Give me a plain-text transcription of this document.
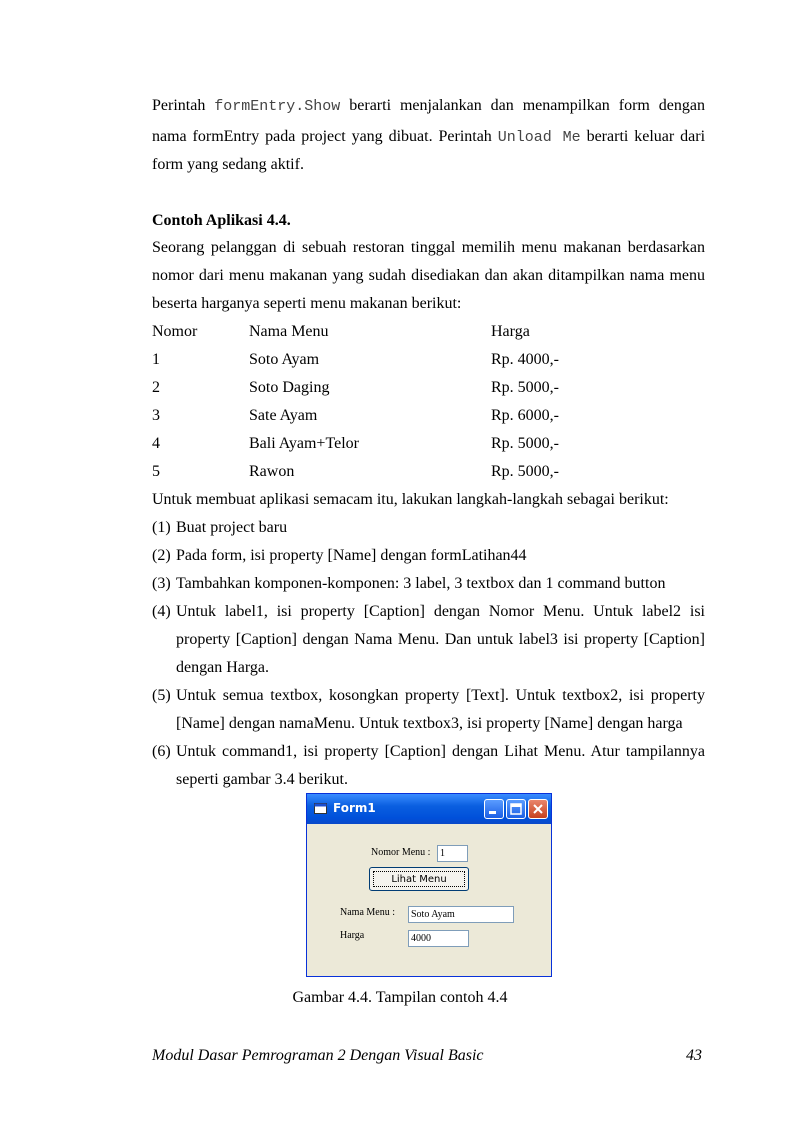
Perintah formEntry.Show berarti menjalankan dan menampilkan form dengan
nama formEntry pada project yang dibuat. Perintah Unload Me berarti keluar dari
form yang sedang aktif.
Contoh Aplikasi 4.4.
Seorang pelanggan di sebuah restoran tinggal memilih menu makanan berdasarkan
nomor dari menu makanan yang sudah disediakan dan akan ditampilkan nama menu
beserta harganya seperti menu makanan berikut:
Nomor	Nama Menu	Harga
1	Soto Ayam	Rp. 4000,-
2	Soto Daging	Rp. 5000,-
3	Sate Ayam	Rp. 6000,-
4	Bali Ayam+Telor	Rp. 5000,-
5	Rawon	Rp. 5000,-
Untuk membuat aplikasi semacam itu, lakukan langkah-langkah sebagai berikut:
(1) Buat project baru
(2) Pada form, isi property [Name] dengan formLatihan44
(3) Tambahkan komponen-komponen: 3 label, 3 textbox dan 1 command button
(4) Untuk label1, isi property [Caption] dengan Nomor Menu. Untuk label2 isi
property [Caption] dengan Nama Menu. Dan untuk label3 isi property [Caption]
dengan Harga.
(5) Untuk semua textbox, kosongkan property [Text]. Untuk textbox2, isi property
[Name] dengan namaMenu. Untuk textbox3, isi property [Name] dengan harga
(6) Untuk command1, isi property [Caption] dengan Lihat Menu. Atur tampilannya
seperti gambar 3.4 berikut.
Form1
Nomor Menu : 1
Lihat Menu
Nama Menu :	Soto Ayam
Harga	4000
Gambar 4.4. Tampilan contoh 4.4
Modul Dasar Pemrograman 2 Dengan Visual Basic	43
